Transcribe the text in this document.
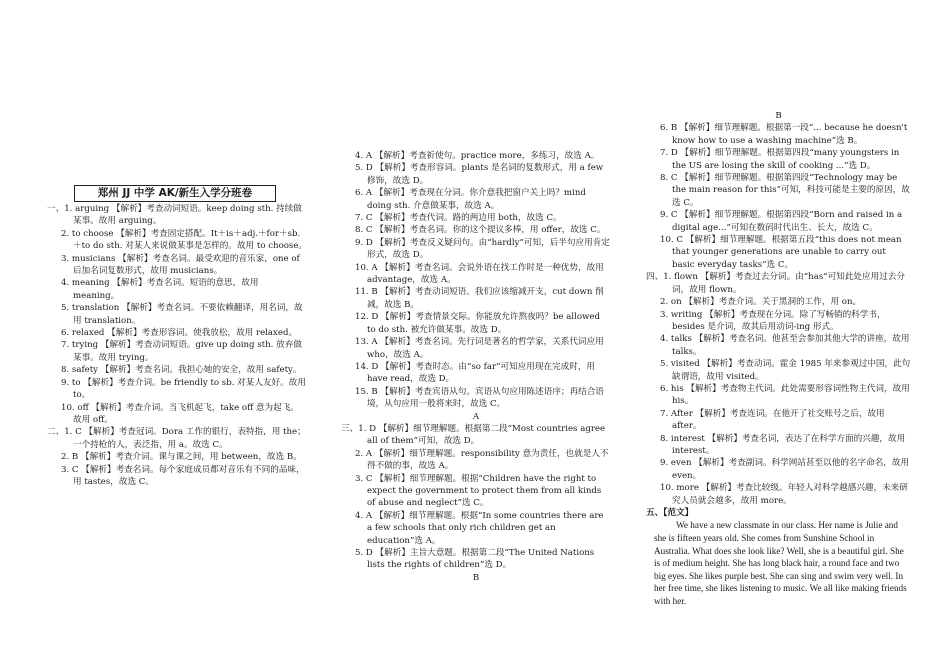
郑州 JJ 中学 AK/新生入学分班卷

一、1. arguing 【解析】考查动词短语。keep doing sth. 持续做某事。故用 arguing。

2. to choose 【解析】考查固定搭配。It＋is＋adj.＋for＋sb.＋to do sth. 对某人来说做某事是怎样的。故用 to choose。

3. musicians 【解析】考查名词。最受欢迎的音乐家，one of 后加名词复数形式，故用 musicians。

4. meaning 【解析】考查名词。短语的意思，故用 meaning。

5. translation 【解析】考查名词。不要依赖翻译，用名词，故用 translation。

6. relaxed 【解析】考查形容词。使我放松，故用 relaxed。

7. trying 【解析】考查动词短语。give up doing sth. 放弃做某事。故用 trying。

8. safety 【解析】考查名词。我担心她的安全，故用 safety。

9. to 【解析】考查介词。be friendly to sb. 对某人友好。故用 to。

10. off 【解析】考查介词。当飞机起飞，take off 意为起飞。故用 off。

二、1. C 【解析】考查冠词。Dora 工作的银行，表特指，用 the；一个持枪的人，表泛指，用 a。故选 C。

2. B 【解析】考查介词。课与课之间，用 between，故选 B。

3. C 【解析】考查名词。每个家庭成员都对音乐有不同的品味，用 tastes，故选 C。

4. A 【解析】考查祈使句。practice more，多练习，故选 A。

5. D 【解析】考查形容词。plants 是名词的复数形式，用 a few 修饰，故选 D。

6. A 【解析】考查现在分词。你介意我把窗户关上吗？mind doing sth. 介意做某事，故选 A。

7. C 【解析】考查代词。路的两边用 both，故选 C。

8. C 【解析】考查名词。你的这个提议多棒，用 offer，故选 C。

9. D 【解析】考查反义疑问句。由“hardly”可知，后半句应用肯定形式，故选 D。

10. A 【解析】考查名词。会说外语在找工作时是一种优势，故用 advantage，故选 A。

11. B 【解析】考查动词短语。我们应该缩减开支，cut down 削减，故选 B。

12. D 【解析】考查情景交际。你能放允许熬夜吗？be allowed to do sth. 被允许做某事。故选 D。

13. A 【解析】考查名词。先行词是著名的哲学家，关系代词应用 who，故选 A。

14. D 【解析】考查时态。由“so far”可知应用现在完成时，用 have read，故选 D。

15. B 【解析】考查宾语从句。宾语从句应用陈述语序；再结合语境，从句应用一般将来时，故选 C。

A

三、1. D 【解析】细节理解题。根据第二段“Most countries agree all of them”可知，故选 D。

2. A 【解析】细节理解题。responsibility 意为责任，也就是人不得不做的事，故选 A。

3. C 【解析】细节理解题。根据“Children have the right to expect the government to protect them from all kinds of abuse and neglect”选 C。

4. A 【解析】细节理解题。根据“In some countries there are a few schools that only rich children get an education”选 A。

5. D 【解析】主旨大意题。根据第二段“The United Nations lists the rights of children”选 D。

B

B

6. B 【解析】细节理解题。根据第一段“... because he doesn't know how to use a washing machine”选 B。

7. D 【解析】细节理解题。根据第四段“many youngsters in the US are losing the skill of cooking ...”选 D。

8. C 【解析】细节理解题。根据第四段“Technology may be the main reason for this”可知，科技可能是主要的原因，故选 C。

9. C 【解析】细节理解题。根据第四段“Born and raised in a digital age...”可知在数码时代出生、长大，故选 C。

10. C 【解析】细节理解题。根据第五段“this does not mean that younger generations are unable to carry out basic everyday tasks”选 C。

四、1. flown 【解析】考查过去分词。由“has”可知此处应用过去分词，故用 flown。

2. on 【解析】考查介词。关于黑洞的工作，用 on。

3. writing 【解析】考查现在分词。除了写畅销的科学书，besides 是介词，故其后用动词-ing 形式。

4. talks 【解析】考查名词。他甚至会参加其他大学的讲座，故用 talks。

5. visited 【解析】考查动词。霍金 1985 年来参观过中国，此句缺谓语，故用 visited。

6. his 【解析】考查物主代词。此处需要形容词性物主代词，故用 his。

7. After 【解析】考查连词。在他开了社交账号之后，故用 after。

8. interest 【解析】考查名词，表达了在科学方面的兴趣，故用 interest。

9. even 【解析】考查副词。科学网站甚至以他的名字命名，故用 even。

10. more 【解析】考查比较级。年轻人对科学越感兴趣，未来研究人员就会越多，故用 more。

五、【范文】

We have a new classmate in our class. Her name is Julie and she is fifteen years old. She comes from Sunshine School in Australia. What does she look like? Well, she is a beautiful girl. She is of medium height. She has long black hair, a round face and two big eyes. She likes purple best. She can sing and swim very well. In her free time, she likes listening to music. We all like making friends with her.
